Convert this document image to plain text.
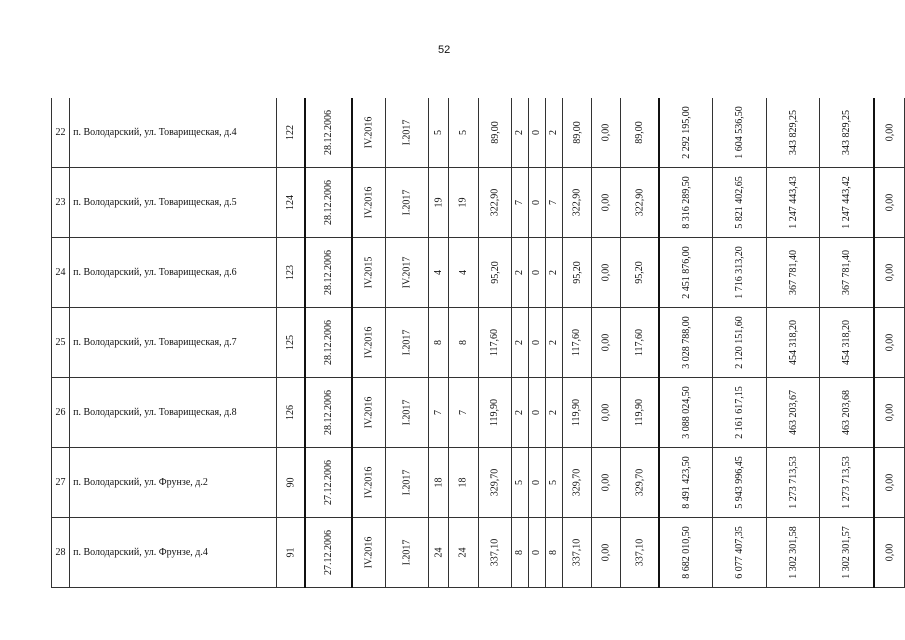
52
22	п. Володарский, ул. Товарищеская, д.4	122	28.12.2006	IV.2016	I.2017	5	5	89,00	2	0	2	89,00	0,00	89,00	2 292 195,00	1 604 536,50	343 829,25	343 829,25	0,00
23	п. Володарский, ул. Товарищеская, д.5	124	28.12.2006	IV.2016	I.2017	19	19	322,90	7	0	7	322,90	0,00	322,90	8 316 289,50	5 821 402,65	1 247 443,43	1 247 443,42	0,00
24	п. Володарский, ул. Товарищеская, д.6	123	28.12.2006	IV.2015	IV.2017	4	4	95,20	2	0	2	95,20	0,00	95,20	2 451 876,00	1 716 313,20	367 781,40	367 781,40	0,00
25	п. Володарский, ул. Товарищеская, д.7	125	28.12.2006	IV.2016	I.2017	8	8	117,60	2	0	2	117,60	0,00	117,60	3 028 788,00	2 120 151,60	454 318,20	454 318,20	0,00
26	п. Володарский, ул. Товарищеская, д.8	126	28.12.2006	IV.2016	I.2017	7	7	119,90	2	0	2	119,90	0,00	119,90	3 088 024,50	2 161 617,15	463 203,67	463 203,68	0,00
27	п. Володарский, ул. Фрунзе, д.2	90	27.12.2006	IV.2016	I.2017	18	18	329,70	5	0	5	329,70	0,00	329,70	8 491 423,50	5 943 996,45	1 273 713,53	1 273 713,53	0,00
28	п. Володарский, ул. Фрунзе, д.4	91	27.12.2006	IV.2016	I.2017	24	24	337,10	8	0	8	337,10	0,00	337,10	8 682 010,50	6 077 407,35	1 302 301,58	1 302 301,57	0,00
